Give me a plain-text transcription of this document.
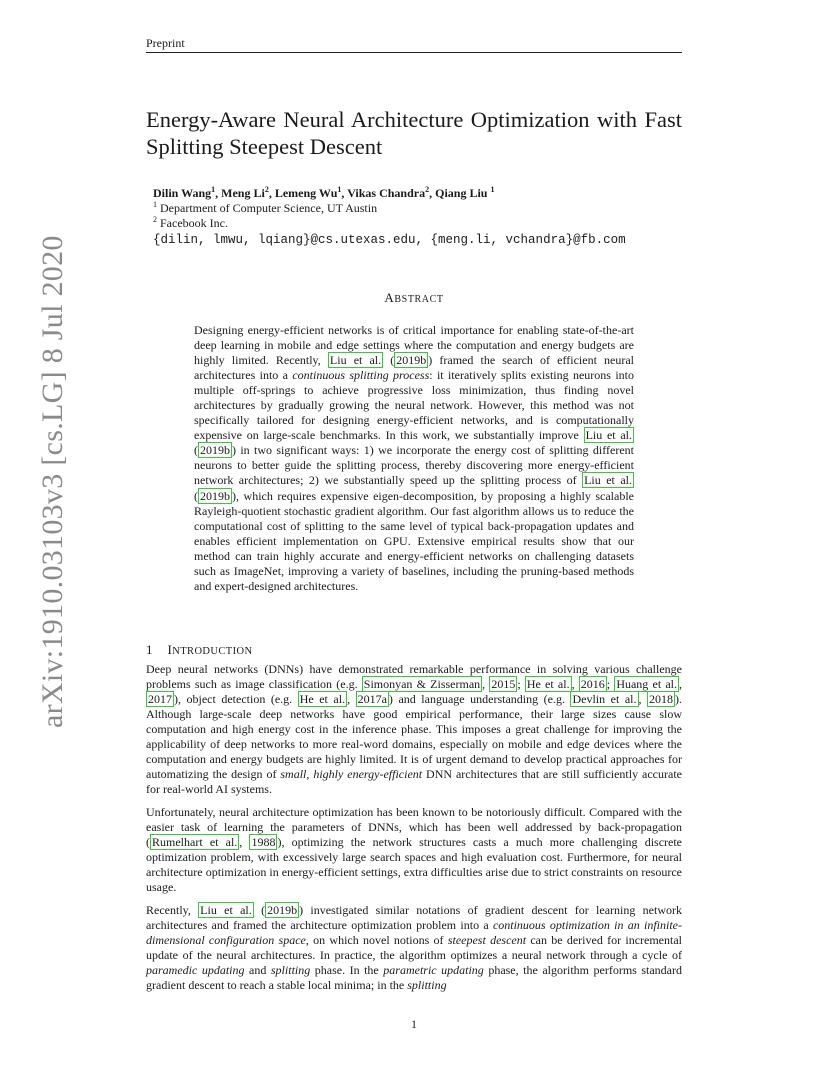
Preprint
arXiv:1910.03103v3 [cs.LG] 8 Jul 2020
Energy-Aware Neural Architecture Optimization with Fast Splitting Steepest Descent
Dilin Wang$^1$, Meng Li$^2$, Lemeng Wu$^1$, Vikas Chandra$^2$, Qiang Liu $^1$
$^1$ Department of Computer Science, UT Austin
$^2$ Facebook Inc.
{dilin, lmwu, lqiang}@cs.utexas.edu, {meng.li, vchandra}@fb.com
ABSTRACT
Designing energy-efficient networks is of critical importance for enabling state-of-the-art deep learning in mobile and edge settings where the computation and energy budgets are highly limited. Recently, Liu et al. ( 2019b ) framed the search of efficient neural architectures into a continuous splitting process: it iteratively splits existing neurons into multiple off-springs to achieve progressive loss minimization, thus finding novel architectures by gradually growing the neural network. However, this method was not specifically tailored for designing energy-efficient networks, and is computationally expensive on large-scale benchmarks. In this work, we substantially improve Liu et al. ( 2019b ) in two significant ways: 1) we incorporate the energy cost of splitting different neurons to better guide the splitting process, thereby discovering more energy-efficient network architectures; 2) we substantially speed up the splitting process of Liu et al. ( 2019b ), which requires expensive eigen-decomposition, by proposing a highly scalable Rayleigh-quotient stochastic gradient algorithm. Our fast algorithm allows us to reduce the computational cost of splitting to the same level of typical back-propagation updates and enables efficient implementation on GPU. Extensive empirical results show that our method can train highly accurate and energy-efficient networks on challenging datasets such as ImageNet, improving a variety of baselines, including the pruning-based methods and expert-designed architectures.
1 INTRODUCTION

Deep neural networks (DNNs) have demonstrated remarkable performance in solving various challenge problems such as image classification (e.g. Simonyan & Zisserman , 2015 ; He et al. , 2016 ; Huang et al. , 2017 ), object detection (e.g. He et al. , 2017a ) and language understanding (e.g. Devlin et al. , 2018 ). Although large-scale deep networks have good empirical performance, their large sizes cause slow computation and high energy cost in the inference phase. This imposes a great challenge for improving the applicability of deep networks to more real-word domains, especially on mobile and edge devices where the computation and energy budgets are highly limited. It is of urgent demand to develop practical approaches for automatizing the design of small, highly energy-efficient DNN architectures that are still sufficiently accurate for real-world AI systems.

Unfortunately, neural architecture optimization has been known to be notoriously difficult. Compared with the easier task of learning the parameters of DNNs, which has been well addressed by back-propagation ( Rumelhart et al. , 1988 ), optimizing the network structures casts a much more challenging discrete optimization problem, with excessively large search spaces and high evaluation cost. Furthermore, for neural architecture optimization in energy-efficient settings, extra difficulties arise due to strict constraints on resource usage.

Recently, Liu et al. ( 2019b ) investigated similar notations of gradient descent for learning network architectures and framed the architecture optimization problem into a continuous optimization in an infinite-dimensional configuration space, on which novel notions of steepest descent can be derived for incremental update of the neural architectures. In practice, the algorithm optimizes a neural network through a cycle of paramedic updating and splitting phase. In the parametric updating phase, the algorithm performs standard gradient descent to reach a stable local minima; in the splitting

1
